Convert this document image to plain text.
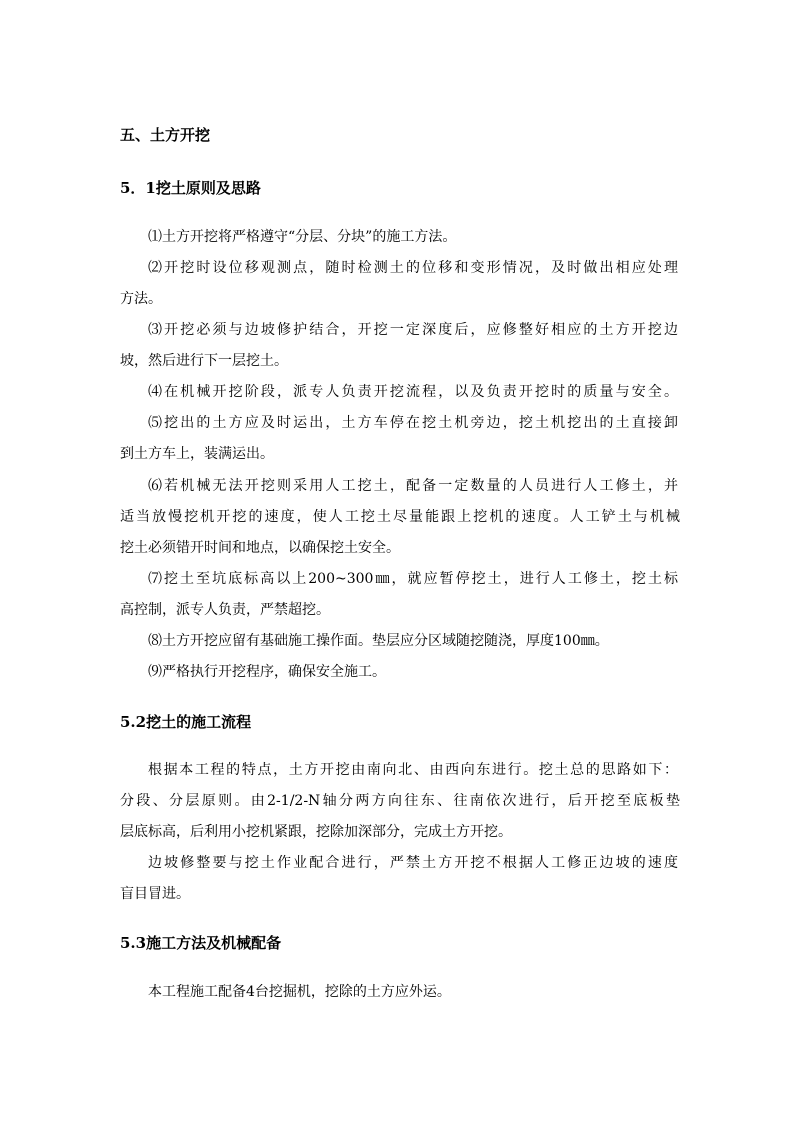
五、土方开挖
5．1挖土原则及思路
⑴土方开挖将严格遵守“分层、分块”的施工方法。
⑵开挖时设位移观测点，随时检测土的位移和变形情况，及时做出相应处理
方法。
⑶开挖必须与边坡修护结合，开挖一定深度后，应修整好相应的土方开挖边
坡，然后进行下一层挖土。
⑷在机械开挖阶段，派专人负责开挖流程，以及负责开挖时的质量与安全。
⑸挖出的土方应及时运出，土方车停在挖土机旁边，挖土机挖出的土直接卸
到土方车上，装满运出。
⑹若机械无法开挖则采用人工挖土，配备一定数量的人员进行人工修土，并
适当放慢挖机开挖的速度，使人工挖土尽量能跟上挖机的速度。人工铲土与机械
挖土必须错开时间和地点，以确保挖土安全。
⑺挖土至坑底标高以上200~300㎜，就应暂停挖土，进行人工修土，挖土标
高控制，派专人负责，严禁超挖。
⑻土方开挖应留有基础施工操作面。垫层应分区域随挖随浇，厚度100㎜。
⑼严格执行开挖程序，确保安全施工。
5.2挖土的施工流程
根据本工程的特点，土方开挖由南向北、由西向东进行。挖土总的思路如下：
分段、分层原则。由2-1/2-N轴分两方向往东、往南依次进行，后开挖至底板垫
层底标高，后利用小挖机紧跟，挖除加深部分，完成土方开挖。
边坡修整要与挖土作业配合进行，严禁土方开挖不根据人工修正边坡的速度
盲目冒进。
5.3施工方法及机械配备
本工程施工配备4台挖掘机，挖除的土方应外运。
